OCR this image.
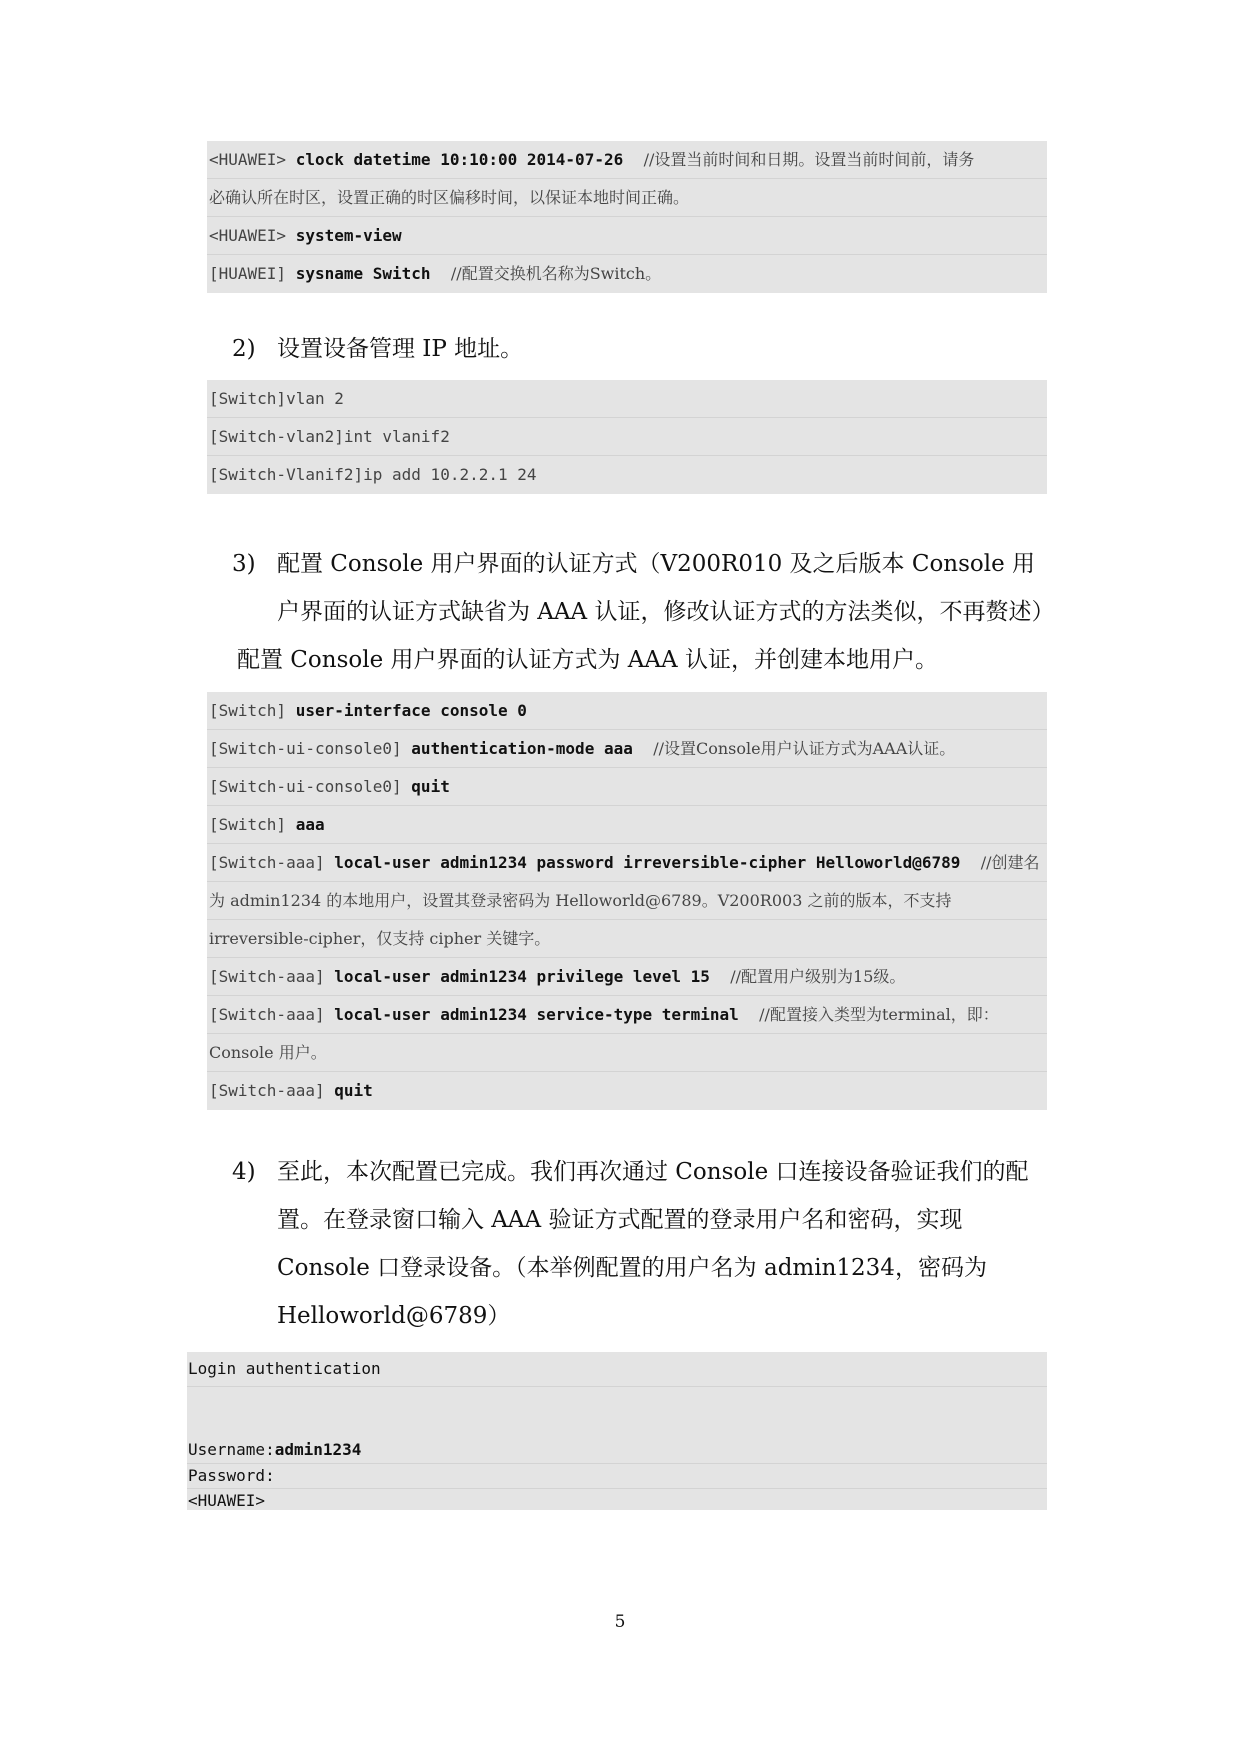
<HUAWEI> clock datetime 10:10:00 2014-07-26    //设置当前时间和日期。设置当前时间前，请务
必确认所在时区，设置正确的时区偏移时间，以保证本地时间正确。
<HUAWEI> system-view
[HUAWEI] sysname Switch    //配置交换机名称为Switch。
2) 设置设备管理 IP 地址。
[Switch]vlan 2
[Switch-vlan2]int vlanif2
[Switch-Vlanif2]ip add 10.2.2.1 24
3) 配置 Console 用户界面的认证方式（V200R010 及之后版本 Console 用户界面的认证方式缺省为 AAA 认证，修改认证方式的方法类似，不再赘述）
配置 Console 用户界面的认证方式为 AAA 认证，并创建本地用户。
[Switch] user-interface console 0
[Switch-ui-console0] authentication-mode aaa    //设置Console用户认证方式为AAA认证。
[Switch-ui-console0] quit
[Switch] aaa
[Switch-aaa] local-user admin1234 password irreversible-cipher Helloworld@6789    //创建名
为 admin1234 的本地用户，设置其登录密码为 Helloworld@6789。V200R003 之前的版本，不支持
irreversible-cipher，仅支持 cipher 关键字。
[Switch-aaa] local-user admin1234 privilege level 15    //配置用户级别为15级。
[Switch-aaa] local-user admin1234 service-type terminal    //配置接入类型为terminal，即：
Console 用户。
[Switch-aaa] quit
4) 至此，本次配置已完成。我们再次通过 Console 口连接设备验证我们的配置。在登录窗口输入 AAA 验证方式配置的登录用户名和密码，实现 Console 口登录设备。（本举例配置的用户名为 admin1234，密码为 Helloworld@6789）
Login authentication
Username:admin1234
Password:
<HUAWEI>
5
